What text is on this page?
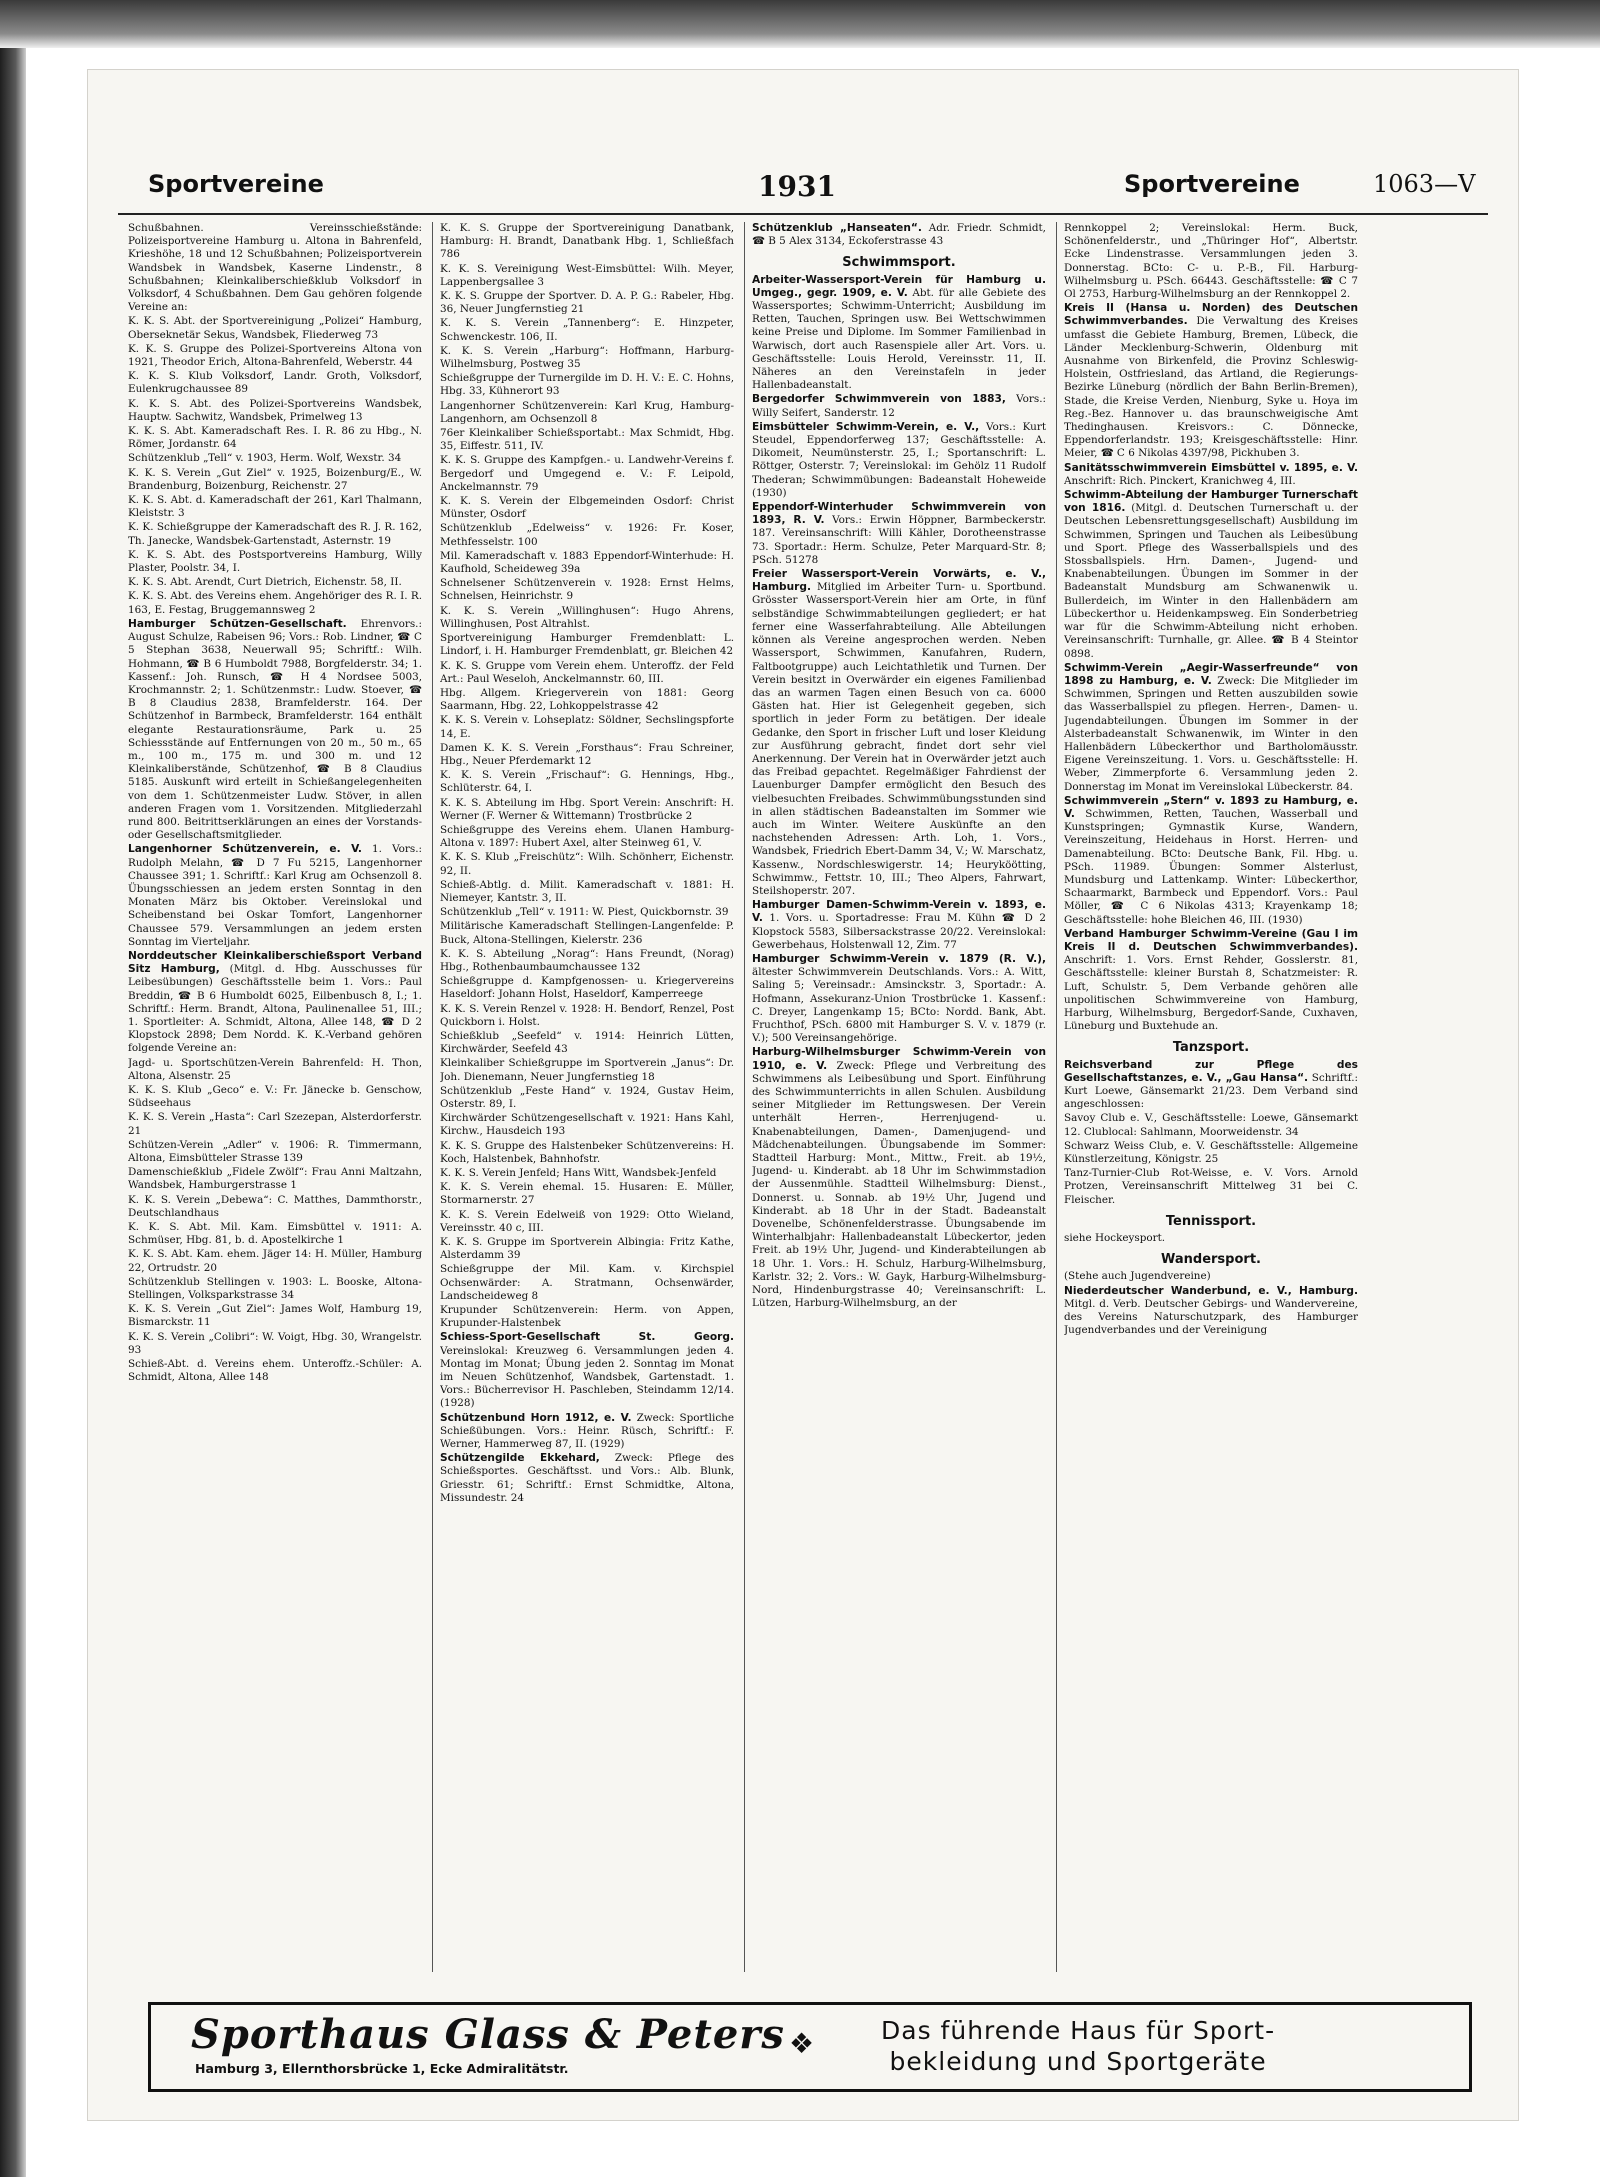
Sportvereine	1931	Sportvereine	1063—V

Schußbahnen. Vereinsschießstände: Polizeisportvereine Hamburg u. Altona in Bahrenfeld, Krieshöhe, 18 und 12 Schußbahnen; Polizeisportverein Wandsbek in Wandsbek, Kaserne Lindenstr., 8 Schußbahnen; Kleinkaliberschießklub Volksdorf in Volksdorf, 4 Schußbahnen. Dem Gau gehören folgende Vereine an:

K. K. S. Abt. der Sportvereinigung „Polizei“ Hamburg, Oberseknetär Sekus, Wandsbek, Fliederweg 73

K. K. S. Gruppe des Polizei-Sportvereins Altona von 1921, Theodor Erich, Altona-Bahrenfeld, Weberstr. 44

K. K. S. Klub Volksdorf, Landr. Groth, Volksdorf, Eulenkrugchaussee 89

K. K. S. Abt. des Polizei-Sportvereins Wandsbek, Hauptw. Sachwitz, Wandsbek, Primelweg 13

K. K. S. Abt. Kameradschaft Res. I. R. 86 zu Hbg., N. Römer, Jordanstr. 64

Schützenklub „Tell“ v. 1903, Herm. Wolf, Wexstr. 34

K. K. S. Verein „Gut Ziel“ v. 1925, Boizenburg/E., W. Brandenburg, Boizenburg, Reichenstr. 27

K. K. S. Abt. d. Kameradschaft der 261, Karl Thalmann, Kleiststr. 3

K. K. Schießgruppe der Kameradschaft des R. J. R. 162, Th. Janecke, Wandsbek-Gartenstadt, Asternstr. 19

K. K. S. Abt. des Postsportvereins Hamburg, Willy Plaster, Poolstr. 34, I.

K. K. S. Abt. Arendt, Curt Dietrich, Eichenstr. 58, II.

K. K. S. Abt. des Vereins ehem. Angehöriger des R. I. R. 163, E. Festag, Bruggemannsweg 2

Hamburger Schützen-Gesellschaft. Ehrenvors.: August Schulze, Rabeisen 96; Vors.: Rob. Lindner, ☎ C 5 Stephan 3638, Neuerwall 95; Schriftf.: Wilh. Hohmann, ☎ B 6 Humboldt 7988, Borgfelderstr. 34; 1. Kassenf.: Joh. Runsch, ☎ H 4 Nordsee 5003, Krochmannstr. 2; 1. Schützenmstr.: Ludw. Stoever, ☎ B 8 Claudius 2838, Bramfelderstr. 164. Der Schützenhof in Barmbeck, Bramfelderstr. 164 enthält elegante Restaurationsräume, Park u. 25 Schiessstände auf Entfernungen von 20 m., 50 m., 65 m., 100 m., 175 m. und 300 m. und 12 Kleinkaliberstände, Schützenhof, ☎ B 8 Claudius 5185. Auskunft wird erteilt in Schießangelegenheiten von dem 1. Schützenmeister Ludw. Stöver, in allen anderen Fragen vom 1. Vorsitzenden. Mitgliederzahl rund 800. Beitrittserklärungen an eines der Vorstands- oder Gesellschaftsmitglieder.

Langenhorner Schützenverein, e. V. 1. Vors.: Rudolph Melahn, ☎ D 7 Fu 5215, Langenhorner Chaussee 391; 1. Schriftf.: Karl Krug am Ochsenzoll 8. Übungsschiessen an jedem ersten Sonntag in den Monaten März bis Oktober. Vereinslokal und Scheibenstand bei Oskar Tomfort, Langenhorner Chaussee 579. Versammlungen an jedem ersten Sonntag im Vierteljahr.

Norddeutscher Kleinkaliberschießsport Verband Sitz Hamburg, (Mitgl. d. Hbg. Ausschusses für Leibesübungen) Geschäftsstelle beim 1. Vors.: Paul Breddin, ☎ B 6 Humboldt 6025, Eilbenbusch 8, I.; 1. Schriftf.: Herm. Brandt, Altona, Paulinenallee 51, III.; 1. Sportleiter: A. Schmidt, Altona, Allee 148, ☎ D 2 Klopstock 2898; Dem Nordd. K. K.-Verband gehören folgende Vereine an:

Jagd- u. Sportschützen-Verein Bahrenfeld: H. Thon, Altona, Alsenstr. 25

K. K. S. Klub „Geco“ e. V.: Fr. Jänecke b. Genschow, Südseehaus

K. K. S. Verein „Hasta“: Carl Szezepan, Alsterdorferstr. 21

Schützen-Verein „Adler“ v. 1906: R. Timmermann, Altona, Eimsbütteler Strasse 139

Damenschießklub „Fidele Zwölf“: Frau Anni Maltzahn, Wandsbek, Hamburgerstrasse 1

K. K. S. Verein „Debewa“: C. Matthes, Dammthorstr., Deutschlandhaus

K. K. S. Abt. Mil. Kam. Eimsbüttel v. 1911: A. Schmüser, Hbg. 81, b. d. Apostelkirche 1

K. K. S. Abt. Kam. ehem. Jäger 14: H. Müller, Hamburg 22, Ortrudstr. 20

Schützenklub Stellingen v. 1903: L. Booske, Altona-Stellingen, Volksparkstrasse 34

K. K. S. Verein „Gut Ziel“: James Wolf, Hamburg 19, Bismarckstr. 11

K. K. S. Verein „Colibri“: W. Voigt, Hbg. 30, Wrangelstr. 93

Schieß-Abt. d. Vereins ehem. Unteroffz.-Schüler: A. Schmidt, Altona, Allee 148

K. K. S. Gruppe der Sportvereinigung Danatbank, Hamburg: H. Brandt, Danatbank Hbg. 1, Schließfach 786

K. K. S. Vereinigung West-Eimsbüttel: Wilh. Meyer, Lappenbergsallee 3

K. K. S. Gruppe der Sportver. D. A. P. G.: Rabeler, Hbg. 36, Neuer Jungfernstieg 21

K. K. S. Verein „Tannenberg“: E. Hinzpeter, Schwenckestr. 106, II.

K. K. S. Verein „Harburg“: Hoffmann, Harburg-Wilhelmsburg, Postweg 35

Schießgruppe der Turnergilde im D. H. V.: E. C. Hohns, Hbg. 33, Kühnerort 93

Langenhorner Schützenverein: Karl Krug, Hamburg-Langenhorn, am Ochsenzoll 8

76er Kleinkaliber Schießsportabt.: Max Schmidt, Hbg. 35, Eiffestr. 511, IV.

K. K. S. Gruppe des Kampfgen.- u. Landwehr-Vereins f. Bergedorf und Umgegend e. V.: F. Leipold, Anckelmannstr. 79

K. K. S. Verein der Elbgemeinden Osdorf: Christ Münster, Osdorf

Schützenklub „Edelweiss“ v. 1926: Fr. Koser, Methfesselstr. 100

Mil. Kameradschaft v. 1883 Eppendorf-Winterhude: H. Kaufhold, Scheideweg 39a

Schnelsener Schützenverein v. 1928: Ernst Helms, Schnelsen, Heinrichstr. 9

K. K. S. Verein „Willinghusen“: Hugo Ahrens, Willinghusen, Post Altrahlst.

Sportvereinigung Hamburger Fremdenblatt: L. Lindorf, i. H. Hamburger Fremdenblatt, gr. Bleichen 42

K. K. S. Gruppe vom Verein ehem. Unteroffz. der Feld Art.: Paul Weseloh, Anckelmannstr. 60, III.

Hbg. Allgem. Kriegerverein von 1881: Georg Saarmann, Hbg. 22, Lohkoppelstrasse 42

K. K. S. Verein v. Lohseplatz: Söldner, Sechslingspforte 14, E.

Damen K. K. S. Verein „Forsthaus“: Frau Schreiner, Hbg., Neuer Pferdemarkt 12

K. K. S. Verein „Frischauf“: G. Hennings, Hbg., Schlüterstr. 64, I.

K. K. S. Abteilung im Hbg. Sport Verein: Anschrift: H. Werner (F. Werner & Wittemann) Trostbrücke 2

Schießgruppe des Vereins ehem. Ulanen Hamburg-Altona v. 1897: Hubert Axel, alter Steinweg 61, V.

K. K. S. Klub „Freischütz“: Wilh. Schönherr, Eichenstr. 92, II.

Schieß-Abtlg. d. Milit. Kameradschaft v. 1881: H. Niemeyer, Kantstr. 3, II.

Schützenklub „Tell“ v. 1911: W. Piest, Quickbornstr. 39

Militärische Kameradschaft Stellingen-Langenfelde: P. Buck, Altona-Stellingen, Kielerstr. 236

K. K. S. Abteilung „Norag“: Hans Freundt, (Norag) Hbg., Rothenbaumbaumchaussee 132

Schießgruppe d. Kampfgenossen- u. Kriegervereins Haseldorf: Johann Holst, Haseldorf, Kamperreege

K. K. S. Verein Renzel v. 1928: H. Bendorf, Renzel, Post Quickborn i. Holst.

Schießklub „Seefeld“ v. 1914: Heinrich Lütten, Kirchwärder, Seefeld 43

Kleinkaliber Schießgruppe im Sportverein „Janus“: Dr. Joh. Dienemann, Neuer Jungfernstieg 18

Schützenklub „Feste Hand“ v. 1924, Gustav Heim, Osterstr. 89, I.

Kirchwärder Schützengesellschaft v. 1921: Hans Kahl, Kirchw., Hausdeich 193

K. K. S. Gruppe des Halstenbeker Schützenvereins: H. Koch, Halstenbek, Bahnhofstr.

K. K. S. Verein Jenfeld; Hans Witt, Wandsbek-Jenfeld

K. K. S. Verein ehemal. 15. Husaren: E. Müller, Stormarnerstr. 27

K. K. S. Verein Edelweiß von 1929: Otto Wieland, Vereinsstr. 40 c, III.

K. K. S. Gruppe im Sportverein Albingia: Fritz Kathe, Alsterdamm 39

Schießgruppe der Mil. Kam. v. Kirchspiel Ochsenwärder: A. Stratmann, Ochsenwärder, Landscheideweg 8

Krupunder Schützenverein: Herm. von Appen, Krupunder-Halstenbek

Schiess-Sport-Gesellschaft St. Georg. Vereinslokal: Kreuzweg 6. Versammlungen jeden 4. Montag im Monat; Übung jeden 2. Sonntag im Monat im Neuen Schützenhof, Wandsbek, Gartenstadt. 1. Vors.: Bücherrevisor H. Paschleben, Steindamm 12/14. (1928)

Schützenbund Horn 1912, e. V. Zweck: Sportliche Schießübungen. Vors.: Heinr. Rüsch, Schriftf.: F. Werner, Hammerweg 87, II. (1929)

Schützengilde Ekkehard, Zweck: Pflege des Schießsportes. Geschäftsst. und Vors.: Alb. Blunk, Griesstr. 61; Schriftf.: Ernst Schmidtke, Altona, Missundestr. 24

Schützenklub „Hanseaten“. Adr. Friedr. Schmidt, ☎ B 5 Alex 3134, Eckoferstrasse 43

Schwimmsport.

Arbeiter-Wassersport-Verein für Hamburg u. Umgeg., gegr. 1909, e. V. Abt. für alle Gebiete des Wassersportes; Schwimm-Unterricht; Ausbildung im Retten, Tauchen, Springen usw. Bei Wettschwimmen keine Preise und Diplome. Im Sommer Familienbad in Warwisch, dort auch Rasenspiele aller Art. Vors. u. Geschäftsstelle: Louis Herold, Vereinsstr. 11, II. Näheres an den Vereinstafeln in jeder Hallenbadeanstalt.

Bergedorfer Schwimmverein von 1883, Vors.: Willy Seifert, Sanderstr. 12

Eimsbütteler Schwimm-Verein, e. V., Vors.: Kurt Steudel, Eppendorferweg 137; Geschäftsstelle: A. Dikomeit, Neumünsterstr. 25, I.; Sportanschrift: L. Röttger, Osterstr. 7; Vereinslokal: im Gehölz 11 Rudolf Thederan; Schwimmübungen: Badeanstalt Hoheweide (1930)

Eppendorf-Winterhuder Schwimmverein von 1893, R. V. Vors.: Erwin Höppner, Barmbeckerstr. 187. Vereinsanschrift: Willi Kähler, Dorotheenstrasse 73. Sportadr.: Herm. Schulze, Peter Marquard-Str. 8; PSch. 51278

Freier Wassersport-Verein Vorwärts, e. V., Hamburg. Mitglied im Arbeiter Turn- u. Sportbund. Grösster Wassersport-Verein hier am Orte, in fünf selbständige Schwimmabteilungen gegliedert; er hat ferner eine Wasserfahrabteilung. Alle Abteilungen können als Vereine angesprochen werden. Neben Wassersport, Schwimmen, Kanufahren, Rudern, Faltbootgruppe) auch Leichtathletik und Turnen. Der Verein besitzt in Overwärder ein eigenes Familienbad das an warmen Tagen einen Besuch von ca. 6000 Gästen hat. Hier ist Gelegenheit gegeben, sich sportlich in jeder Form zu betätigen. Der ideale Gedanke, den Sport in frischer Luft und loser Kleidung zur Ausführung gebracht, findet dort sehr viel Anerkennung. Der Verein hat in Overwärder jetzt auch das Freibad gepachtet. Regelmäßiger Fahrdienst der Lauenburger Dampfer ermöglicht den Besuch des vielbesuchten Freibades. Schwimmübungsstunden sind in allen städtischen Badeanstalten im Sommer wie auch im Winter. Weitere Auskünfte an den nachstehenden Adressen: Arth. Loh, 1. Vors., Wandsbek, Friedrich Ebert-Damm 34, V.; W. Marschatz, Kassenw., Nordschleswigerstr. 14; Heuryköötting, Schwimmw., Fettstr. 10, III.; Theo Alpers, Fahrwart, Steilshoperstr. 207.

Hamburger Damen-Schwimm-Verein v. 1893, e. V. 1. Vors. u. Sportadresse: Frau M. Kühn ☎ D 2 Klopstock 5583, Silbersackstrasse 20/22. Vereinslokal: Gewerbehaus, Holstenwall 12, Zim. 77

Hamburger Schwimm-Verein v. 1879 (R. V.), ältester Schwimmverein Deutschlands. Vors.: A. Witt, Saling 5; Vereinsadr.: Amsinckstr. 3, Sportadr.: A. Hofmann, Assekuranz-Union Trostbrücke 1. Kassenf.: C. Dreyer, Langenkamp 15; BCto: Nordd. Bank, Abt. Fruchthof, PSch. 6800 mit Hamburger S. V. v. 1879 (r. V.); 500 Vereinsangehörige.

Harburg-Wilhelmsburger Schwimm-Verein von 1910, e. V. Zweck: Pflege und Verbreitung des Schwimmens als Leibesübung und Sport. Einführung des Schwimmunterrichts in allen Schulen. Ausbildung seiner Mitglieder im Rettungswesen. Der Verein unterhält Herren-, Herrenjugend- u. Knabenabteilungen, Damen-, Damenjugend- und Mädchenabteilungen. Übungsabende im Sommer: Stadtteil Harburg: Mont., Mittw., Freit. ab 19½, Jugend- u. Kinderabt. ab 18 Uhr im Schwimmstadion der Aussenmühle. Stadtteil Wilhelmsburg: Dienst., Donnerst. u. Sonnab. ab 19½ Uhr, Jugend und Kinderabt. ab 18 Uhr in der Stadt. Badeanstalt Dovenelbe, Schönenfelderstrasse. Übungsabende im Winterhalbjahr: Hallenbadeanstalt Lübeckertor, jeden Freit. ab 19½ Uhr, Jugend- und Kinderabteilungen ab 18 Uhr. 1. Vors.: H. Schulz, Harburg-Wilhelmsburg, Karlstr. 32; 2. Vors.: W. Gayk, Harburg-Wilhelmsburg-Nord, Hindenburgstrasse 40; Vereinsanschrift: L. Lützen, Harburg-Wilhelmsburg, an der

Rennkoppel 2; Vereinslokal: Herm. Buck, Schönenfelderstr., und „Thüringer Hof“, Albertstr. Ecke Lindenstrasse. Versammlungen jeden 3. Donnerstag. BCto: C- u. P.-B., Fil. Harburg-Wilhelmsburg u. PSch. 66443. Geschäftsstelle: ☎ C 7 Ol 2753, Harburg-Wilhelmsburg an der Rennkoppel 2.

Kreis II (Hansa u. Norden) des Deutschen Schwimmverbandes. Die Verwaltung des Kreises umfasst die Gebiete Hamburg, Bremen, Lübeck, die Länder Mecklenburg-Schwerin, Oldenburg mit Ausnahme von Birkenfeld, die Provinz Schleswig-Holstein, Ostfriesland, das Artland, die Regierungs-Bezirke Lüneburg (nördlich der Bahn Berlin-Bremen), Stade, die Kreise Verden, Nienburg, Syke u. Hoya im Reg.-Bez. Hannover u. das braunschweigische Amt Thedinghausen. Kreisvors.: C. Dönnecke, Eppendorferlandstr. 193; Kreisgeschäftsstelle: Hinr. Meier, ☎ C 6 Nikolas 4397/98, Pickhuben 3.

Sanitätsschwimmverein Eimsbüttel v. 1895, e. V. Anschrift: Rich. Pinckert, Kranichweg 4, III.

Schwimm-Abteilung der Hamburger Turnerschaft von 1816. (Mitgl. d. Deutschen Turnerschaft u. der Deutschen Lebensrettungsgesellschaft) Ausbildung im Schwimmen, Springen und Tauchen als Leibesübung und Sport. Pflege des Wasserballspiels und des Stossballspiels. Hrn. Damen-, Jugend- und Knabenabteilungen. Übungen im Sommer in der Badeanstalt Mundsburg am Schwanenwik u. Bullerdeich, im Winter in den Hallenbädern am Lübeckerthor u. Heidenkampsweg. Ein Sonderbetrieg war für die Schwimm-Abteilung nicht erhoben. Vereinsanschrift: Turnhalle, gr. Allee. ☎ B 4 Steintor 0898.

Schwimm-Verein „Aegir-Wasserfreunde“ von 1898 zu Hamburg, e. V. Zweck: Die Mitglieder im Schwimmen, Springen und Retten auszubilden sowie das Wasserballspiel zu pflegen. Herren-, Damen- u. Jugendabteilungen. Übungen im Sommer in der Alsterbadeanstalt Schwanenwik, im Winter in den Hallenbädern Lübeckerthor und Bartholomäusstr. Eigene Vereinszeitung. 1. Vors. u. Geschäftsstelle: H. Weber, Zimmerpforte 6. Versammlung jeden 2. Donnerstag im Monat im Vereinslokal Lübeckerstr. 84.

Schwimmverein „Stern“ v. 1893 zu Hamburg, e. V. Schwimmen, Retten, Tauchen, Wasserball und Kunstspringen; Gymnastik Kurse, Wandern, Vereinszeitung, Heidehaus in Horst. Herren- und Damenabteilung. BCto: Deutsche Bank, Fil. Hbg. u. PSch. 11989. Übungen: Sommer Alsterlust, Mundsburg und Lattenkamp. Winter: Lübeckerthor, Schaarmarkt, Barmbeck und Eppendorf. Vors.: Paul Möller, ☎ C 6 Nikolas 4313; Krayenkamp 18; Geschäftsstelle: hohe Bleichen 46, III. (1930)

Verband Hamburger Schwimm-Vereine (Gau I im Kreis II d. Deutschen Schwimmverbandes). Anschrift: 1. Vors. Ernst Rehder, Gosslerstr. 81, Geschäftsstelle: kleiner Burstah 8, Schatzmeister: R. Luft, Schulstr. 5, Dem Verbande gehören alle unpolitischen Schwimmvereine von Hamburg, Harburg, Wilhelmsburg, Bergedorf-Sande, Cuxhaven, Lüneburg und Buxtehude an.

Tanzsport.

Reichsverband zur Pflege des Gesellschaftstanzes, e. V., „Gau Hansa“. Schriftf.: Kurt Loewe, Gänsemarkt 21/23. Dem Verband sind angeschlossen:

Savoy Club e. V., Geschäftsstelle: Loewe, Gänsemarkt 12. Clublocal: Sahlmann, Moorweidenstr. 34

Schwarz Weiss Club, e. V. Geschäftsstelle: Allgemeine Künstlerzeitung, Königstr. 25

Tanz-Turnier-Club Rot-Weisse, e. V. Vors. Arnold Protzen, Vereinsanschrift Mittelweg 31 bei C. Fleischer.

Tennissport.

siehe Hockeysport.

Wandersport.

(Stehe auch Jugendvereine)

Niederdeutscher Wanderbund, e. V., Hamburg. Mitgl. d. Verb. Deutscher Gebirgs- und Wandervereine, des Vereins Naturschutzpark, des Hamburger Jugendverbandes und der Vereinigung

Sporthaus Glass & Peters
Hamburg 3, Ellernthorsbrücke 1, Ecke Admiralitätstr.
❖	Das führende Haus für Sport-
bekleidung und Sportgeräte
